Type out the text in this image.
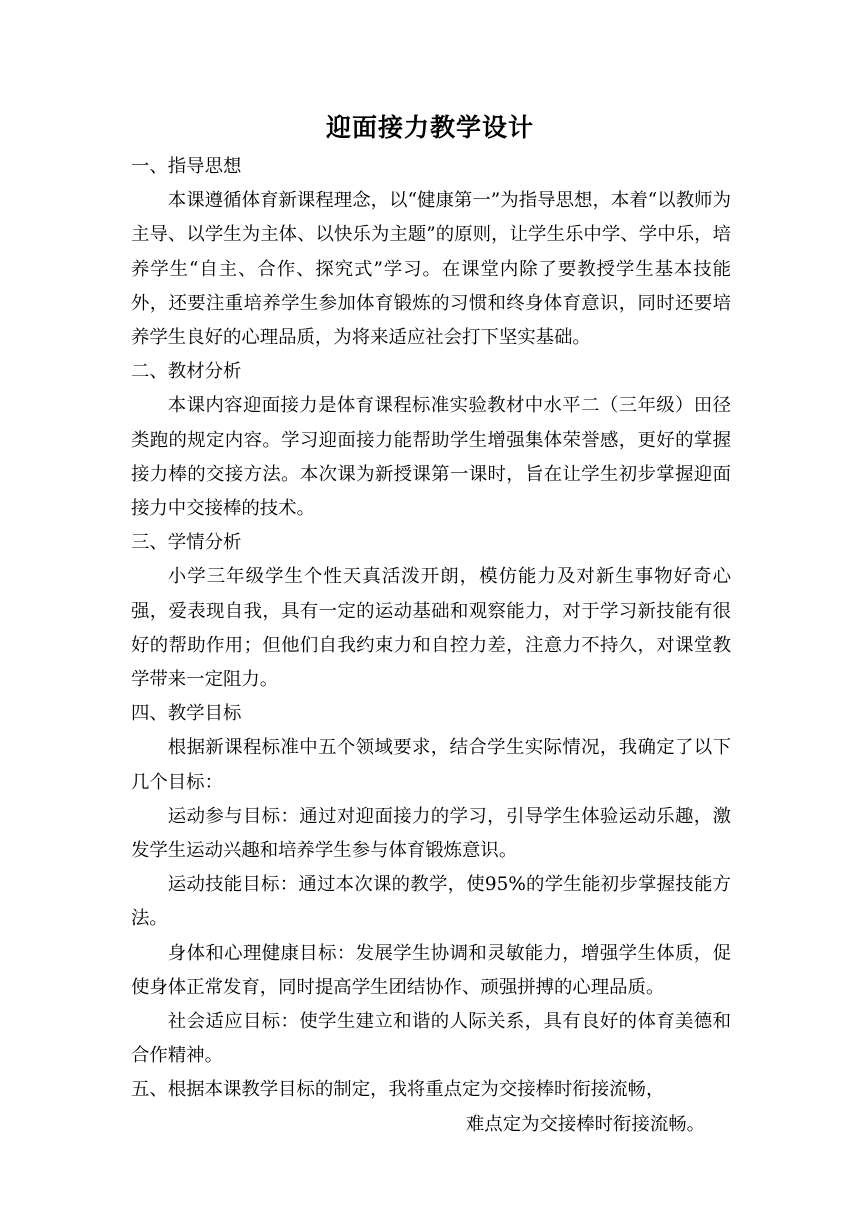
迎面接力教学设计

一、指导思想

本课遵循体育新课程理念，以“健康第一”为指导思想，本着“以教师为主导、以学生为主体、以快乐为主题”的原则，让学生乐中学、学中乐，培养学生“自主、合作、探究式”学习。在课堂内除了要教授学生基本技能外，还要注重培养学生参加体育锻炼的习惯和终身体育意识，同时还要培养学生良好的心理品质，为将来适应社会打下坚实基础。

二、教材分析

本课内容迎面接力是体育课程标准实验教材中水平二（三年级）田径类跑的规定内容。学习迎面接力能帮助学生增强集体荣誉感，更好的掌握接力棒的交接方法。本次课为新授课第一课时，旨在让学生初步掌握迎面接力中交接棒的技术。

三、学情分析

小学三年级学生个性天真活泼开朗，模仿能力及对新生事物好奇心强，爱表现自我，具有一定的运动基础和观察能力，对于学习新技能有很好的帮助作用；但他们自我约束力和自控力差，注意力不持久，对课堂教学带来一定阻力。

四、教学目标

根据新课程标准中五个领域要求，结合学生实际情况，我确定了以下几个目标：

运动参与目标：通过对迎面接力的学习，引导学生体验运动乐趣，激发学生运动兴趣和培养学生参与体育锻炼意识。

运动技能目标：通过本次课的教学，使95%的学生能初步掌握技能方法。

身体和心理健康目标：发展学生协调和灵敏能力，增强学生体质，促使身体正常发育，同时提高学生团结协作、顽强拼搏的心理品质。

社会适应目标：使学生建立和谐的人际关系，具有良好的体育美德和合作精神。

五、根据本课教学目标的制定，我将重点定为交接棒时衔接流畅，

难点定为交接棒时衔接流畅。
